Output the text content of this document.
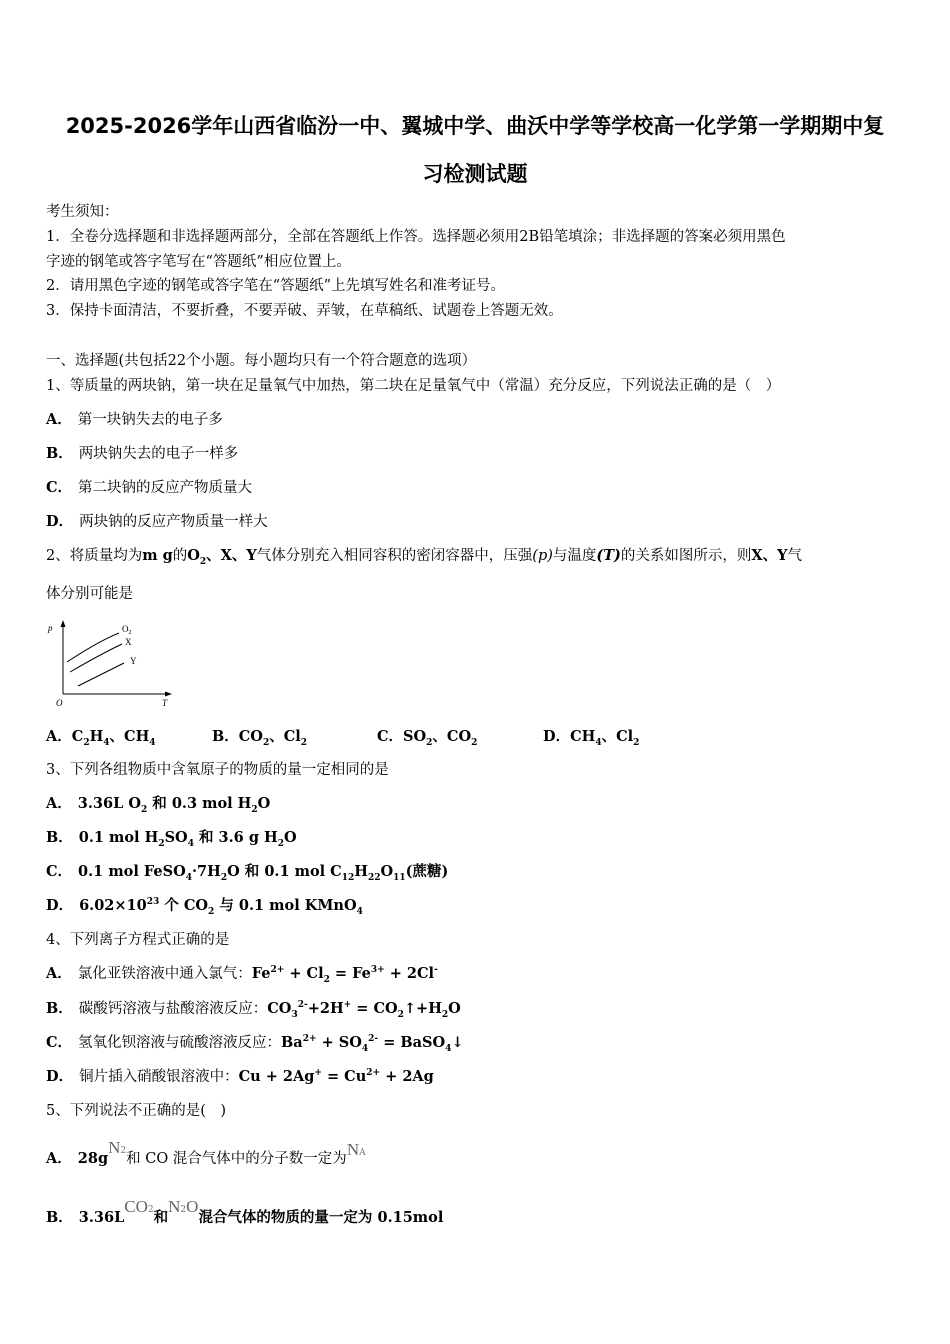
2025-2026学年山西省临汾一中、翼城中学、曲沃中学等学校高一化学第一学期期中复
习检测试题
考生须知：
1．全卷分选择题和非选择题两部分，全部在答题纸上作答。选择题必须用2B铅笔填涂；非选择题的答案必须用黑色
字迹的钢笔或答字笔写在“答题纸”相应位置上。
2．请用黑色字迹的钢笔或答字笔在“答题纸”上先填写姓名和准考证号。
3．保持卡面清洁，不要折叠，不要弄破、弄皱，在草稿纸、试题卷上答题无效。
一、选择题(共包括22个小题。每小题均只有一个符合题意的选项）
1、等质量的两块钠，第一块在足量氧气中加热，第二块在足量氧气中（常温）充分反应，下列说法正确的是（　）
A． 第一块钠失去的电子多
B． 两块钠失去的电子一样多
C． 第二块钠的反应产物质量大
D． 两块钠的反应产物质量一样大
2、将质量均为m g的$O_2$、X、Y气体分别充入相同容积的密闭容器中，压强(p)与温度(T)的关系如图所示，则X、Y气
体分别可能是
p
T
O
$O_2$
X
Y
A．$C_2H_4$、$CH_4$	B．$CO_2$、$Cl_2$	C．$SO_2$、$CO_2$	D．$CH_4$、$Cl_2$
3、下列各组物质中含氧原子的物质的量一定相同的是
A． 3.36L $O_2$ 和 0.3 mol $H_2O$
B． 0.1 mol $H_2SO_4$ 和 3.6 g $H_2O$
C． 0.1 mol $FeSO_4\cdot 7H_2O$ 和 0.1 mol $C_{12}H_{22}O_{11}$(蔗糖)
D． $6.02\times 10^{23}$ 个 $CO_2$ 与 0.1 mol KMnO$_4$
4、下列离子方程式正确的是
A． 氯化亚铁溶液中通入氯气：$Fe^{2+} + Cl_2 = Fe^{3+} + 2Cl^-$
B． 碳酸钙溶液与盐酸溶液反应：$CO_3^{2-}+2H^+$ = $CO_2↑+H_2O$
C． 氢氧化钡溶液与硫酸溶液反应：$Ba^{2+} + SO_4^{2-}$ = BaSO$_4$↓
D． 铜片插入硝酸银溶液中：$Cu + 2Ag^+ = Cu^{2+} + 2Ag$
5、下列说法不正确的是(　)
A． 28gN2和 CO 混合气体中的分子数一定为NA
B． 3.36LCO2和N2O混合气体的物质的量一定为 0.15mol
